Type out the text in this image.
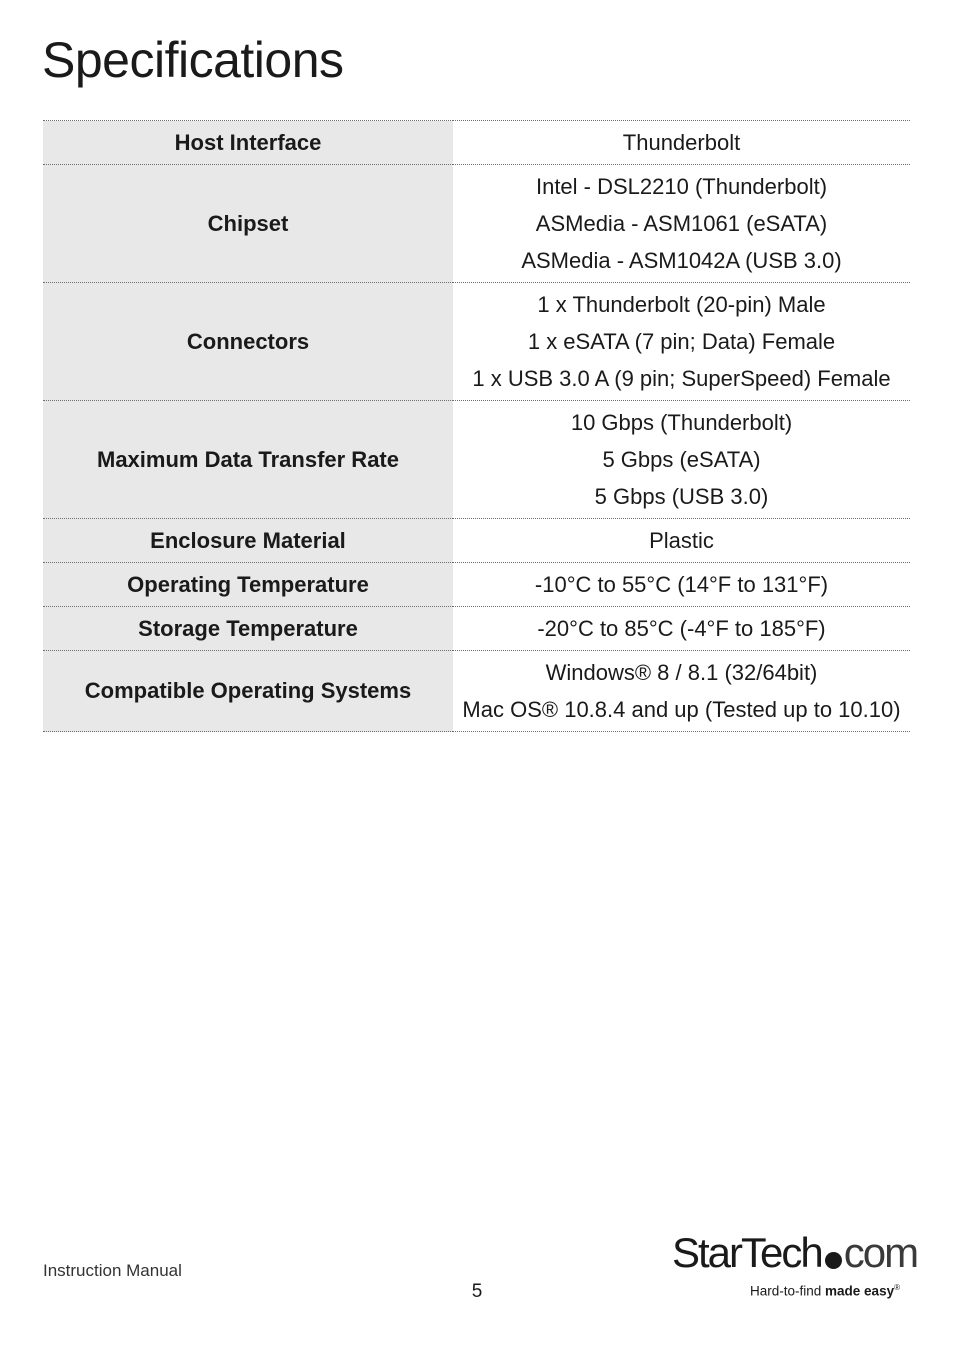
Specifications
Host Interface	Thunderbolt

Chipset	Intel - DSL2210 (Thunderbolt)
ASMedia - ASM1061 (eSATA)
ASMedia - ASM1042A (USB 3.0)

Connectors	1 x Thunderbolt (20-pin) Male
1 x eSATA (7 pin; Data) Female
1 x USB 3.0 A (9 pin; SuperSpeed) Female

Maximum Data Transfer Rate	10 Gbps (Thunderbolt)
5 Gbps (eSATA)
5 Gbps (USB 3.0)

Enclosure Material	Plastic

Operating Temperature	-10°C to 55°C (14°F to 131°F)

Storage Temperature	-20°C to 85°C (-4°F to 185°F)

Compatible Operating Systems	Windows® 8 / 8.1 (32/64bit)
Mac OS® 10.8.4 and up (Tested up to 10.10)
Instruction Manual
5
StarTech com
Hard-to-find made easy®
